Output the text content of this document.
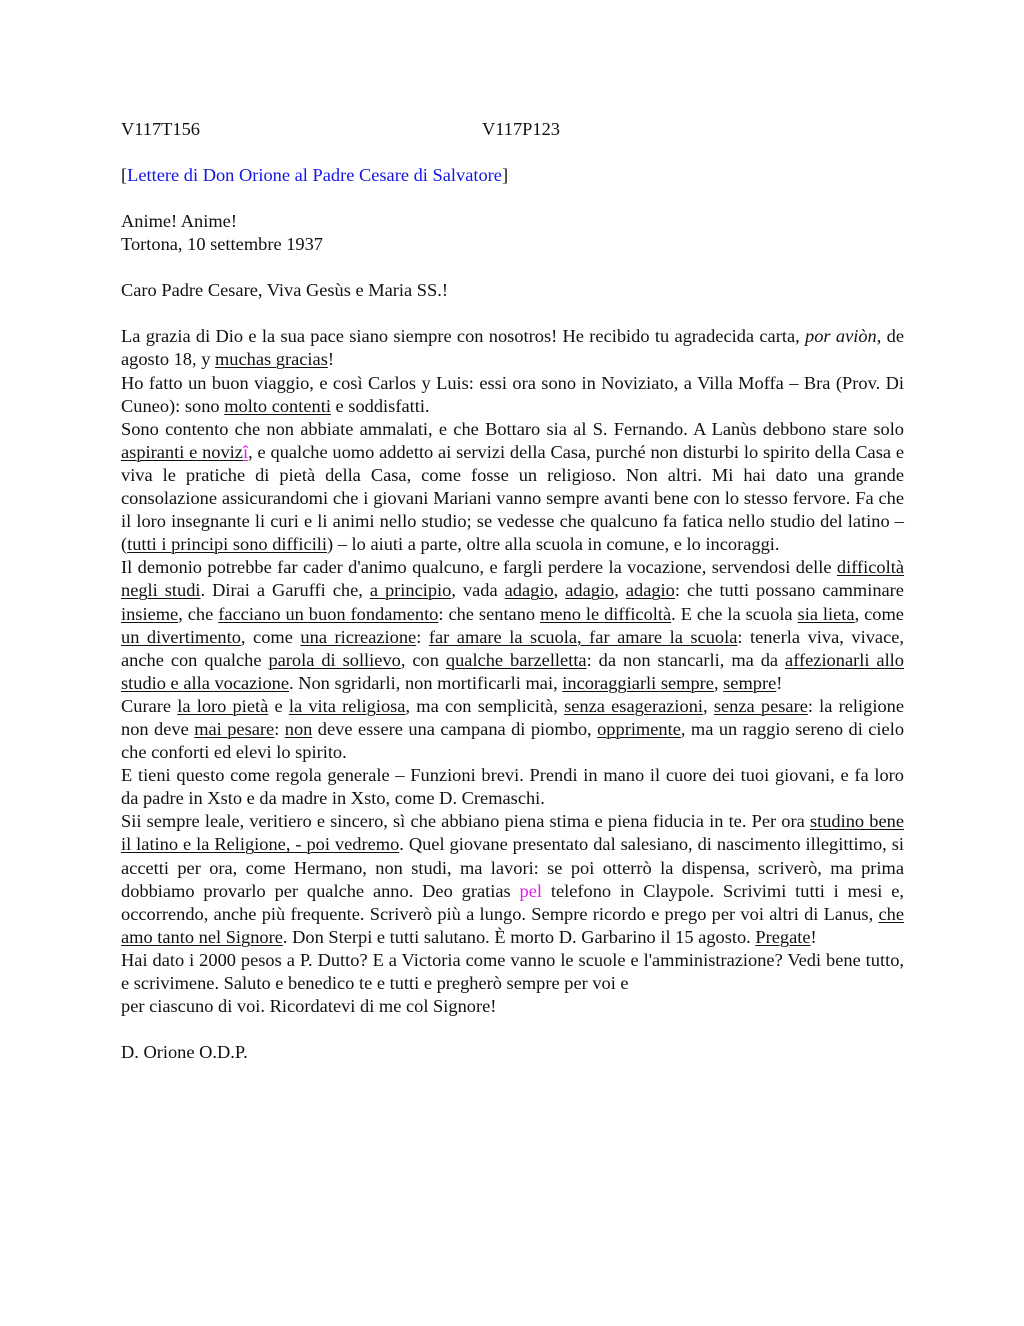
V117T156	V117P123

[Lettere di Don Orione al Padre Cesare di Salvatore]

Anime! Anime!

Tortona, 10 settembre 1937

Caro Padre Cesare, Viva Gesùs e Maria SS.!

La grazia di Dio e la sua pace siano siempre con nosotros! He recibido tu agradecida carta, por aviòn, de agosto 18, y muchas gracias!

Ho fatto un buon viaggio, e così Carlos y Luis: essi ora sono in Noviziato, a Villa Moffa – Bra (Prov. Di Cuneo): sono molto contenti e soddisfatti.

Sono contento che non abbiate ammalati, e che Bottaro sia al S. Fernando. A Lanùs debbono stare solo aspiranti e novizî, e qualche uomo addetto ai servizi della Casa, purché non disturbi lo spirito della Casa e viva le pratiche di pietà della Casa, come fosse un religioso. Non altri. Mi hai dato una grande consolazione assicurandomi che i giovani Mariani vanno sempre avanti bene con lo stesso fervore. Fa che il loro insegnante li curi e li animi nello studio; se vedesse che qualcuno fa fatica nello studio del latino – (tutti i principi sono difficili) – lo aiuti a parte, oltre alla scuola in comune, e lo incoraggi.

Il demonio potrebbe far cader d'animo qualcuno, e fargli perdere la vocazione, servendosi delle difficoltà negli studi. Dirai a Garuffi che, a principio, vada adagio, adagio, adagio: che tutti possano camminare insieme, che facciano un buon fondamento: che sentano meno le difficoltà. E che la scuola sia lieta, come un divertimento, come una ricreazione: far amare la scuola, far amare la scuola: tenerla viva, vivace, anche con qualche parola di sollievo, con qualche barzelletta: da non stancarli, ma da affezionarli allo studio e alla vocazione. Non sgridarli, non mortificarli mai, incoraggiarli sempre, sempre!

Curare la loro pietà e la vita religiosa, ma con semplicità, senza esagerazioni, senza pesare: la religione non deve mai pesare: non deve essere una campana di piombo, opprimente, ma un raggio sereno di cielo che conforti ed elevi lo spirito.

E tieni questo come regola generale – Funzioni brevi. Prendi in mano il cuore dei tuoi giovani, e fa loro da padre in Xsto e da madre in Xsto, come D. Cremaschi.

Sii sempre leale, veritiero e sincero, sì che abbiano piena stima e piena fiducia in te. Per ora studino bene il latino e la Religione, - poi vedremo. Quel giovane presentato dal salesiano, di nascimento illegittimo, si accetti per ora, come Hermano, non studi, ma lavori: se poi otterrò la dispensa, scriverò, ma prima dobbiamo provarlo per qualche anno. Deo gratias pel telefono in Claypole. Scrivimi tutti i mesi e, occorrendo, anche più frequente. Scriverò più a lungo. Sempre ricordo e prego per voi altri di Lanus, che amo tanto nel Signore. Don Sterpi e tutti salutano. È morto D. Garbarino il 15 agosto. Pregate!

Hai dato i 2000 pesos a P. Dutto? E a Victoria come vanno le scuole e l'amministrazione? Vedi bene tutto, e scrivimene. Saluto e benedico te e tutti e pregherò sempre per voi e

per ciascuno di voi. Ricordatevi di me col Signore!

D. Orione O.D.P.
